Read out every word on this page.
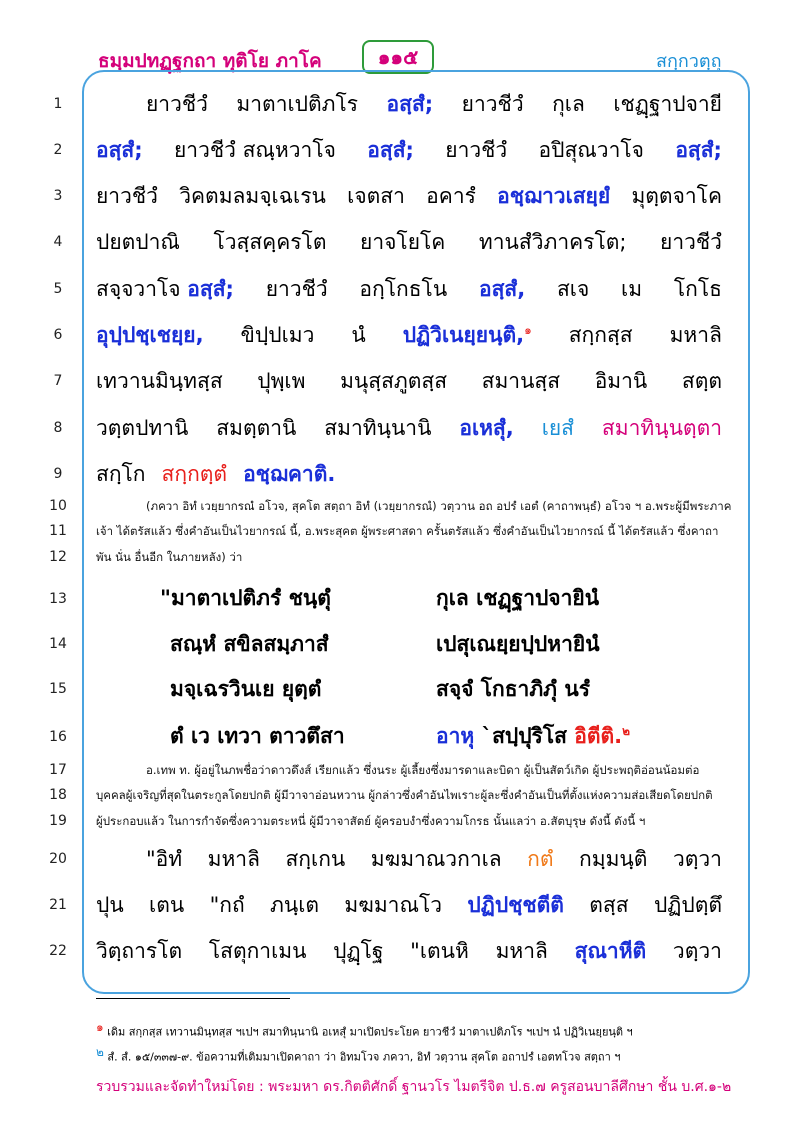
ธมฺมปทฏฺฐกถา ทุติโย ภาโค	๑๑๕	สกฺกวตฺถุ
1
2
3
4
5
6
7
8
9
10
11
12
13
14
15
16
17
18
19
20
21
22
ยาวชีวํ มาตาเปติภโร อสฺสํ; ยาวชีวํ กุเล เชฏฺฐาปจายี
อสฺสํ; ยาวชีวํ สณฺหวาโจ อสฺสํ; ยาวชีวํ อปิสุณวาโจ อสฺสํ;
ยาวชีวํ วิคตมลมจฺเฉเรน เจตสา อคารํ อชฺฌาวเสยฺยํ มุตฺตจาโค
ปยตปาณิ โวสฺสคฺครโต ยาจโยโค ทานสํวิภาครโต; ยาวชีวํ
สจฺจวาโจ อสฺสํ; ยาวชีวํ อกฺโกธโน อสฺสํ, สเจ เม โกโธ
อุปฺปชฺเชยฺย, ขิปฺปเมว นํ ปฏิวิเนยฺยนฺติ,$^๑$ สกฺกสฺส มหาลิ
เทวานมินฺทสฺส ปุพฺเพ มนุสฺสภูตสฺส สมานสฺส อิมานิ สตฺต
วตฺตปทานิ สมตฺตานิ สมาทินฺนานิ อเหสุํ, เยสํ สมาทินฺนตฺตา
สกฺโก สกฺกตฺตํ อชฺฌคาติ.
(ภควา อิทํ เวยฺยากรณํ อโวจ, สุคโต สตฺถา อิทํ (เวยฺยากรณํ) วตฺวาน อถ อปรํ เอตํ (คาถาพนฺธํ) อโวจ ฯ อ.พระผู้มีพระภาค
เจ้า ได้ตรัสแล้ว ซึ่งคำอันเป็นไวยากรณ์ นี้, อ.พระสุคต ผู้พระศาสดา ครั้นตรัสแล้ว ซึ่งคำอันเป็นไวยากรณ์ นี้ ได้ตรัสแล้ว ซึ่งคาถา
พัน นั่น อื่นอีก ในภายหลัง) ว่า
"มาตาเปติภรํ ชนฺตุํ	กุเล เชฏฺฐาปจายินํ
สณฺหํ สขิลสมฺภาสํ	เปสุเณยฺยปฺปหายินํ
มจฺเฉรวินเย ยุตฺตํ	สจฺจํ โกธาภิภุํ นรํ
ตํ เว เทวา ตาวตึสา	อาหุ `สปฺปุริโส อิตีติ.$^๒$
อ.เทพ ท. ผู้อยู่ในภพชื่อว่าดาวดึงส์ เรียกแล้ว ซึ่งนระ ผู้เลี้ยงซึ่งมารดาและบิดา ผู้เป็นสัตว์เกิด ผู้ประพฤติอ่อนน้อมต่อ
บุคคลผู้เจริญที่สุดในตระกูลโดยปกติ ผู้มีวาจาอ่อนหวาน ผู้กล่าวซึ่งคำอันไพเราะผู้ละซึ่งคำอันเป็นที่ตั้งแห่งความส่อเสียดโดยปกติ
ผู้ประกอบแล้ว ในการกำจัดซึ่งความตระหนี่ ผู้มีวาจาสัตย์ ผู้ครอบงำซึ่งความโกรธ นั้นแลว่า อ.สัตบุรุษ ดังนี้ ดังนี้ ฯ
"อิทํ มหาลิ สกฺเกน มฆมาณวกาเล กตํ กมฺมนฺติ วตฺวา
ปุน เตน "กถํ ภนฺเต มฆมาณโว ปฏิปชฺชตีติ ตสฺส ปฏิปตฺตึ
วิตฺถารโต โสตุกาเมน ปุฏฺโฐ "เตนหิ มหาลิ สุณาหีติ วตฺวา
๑ เดิม สกฺกสฺส เทวานมินฺทสฺส ฯเปฯ สมาทินฺนานิ อเหสุํ มาเปิดประโยค ยาวชีวํ มาตาเปติภโร ฯเปฯ นํ ปฏิวิเนยฺยนฺติ ฯ
๒ สํ. สํ. ๑๕/๓๓๗-๙. ข้อความที่เติมมาเปิดคาถา ว่า อิทมโวจ ภควา, อิทํ วตฺวาน สุคโต อถาปรํ เอตทโวจ สตฺถา ฯ
รวบรวมและจัดทำใหม่โดย : พระมหา ดร.กิตติศักดิ์ ฐานวโร ไมตรีจิต ป.ธ.๗ ครูสอนบาลีศึกษา ชั้น บ.ศ.๑-๒
